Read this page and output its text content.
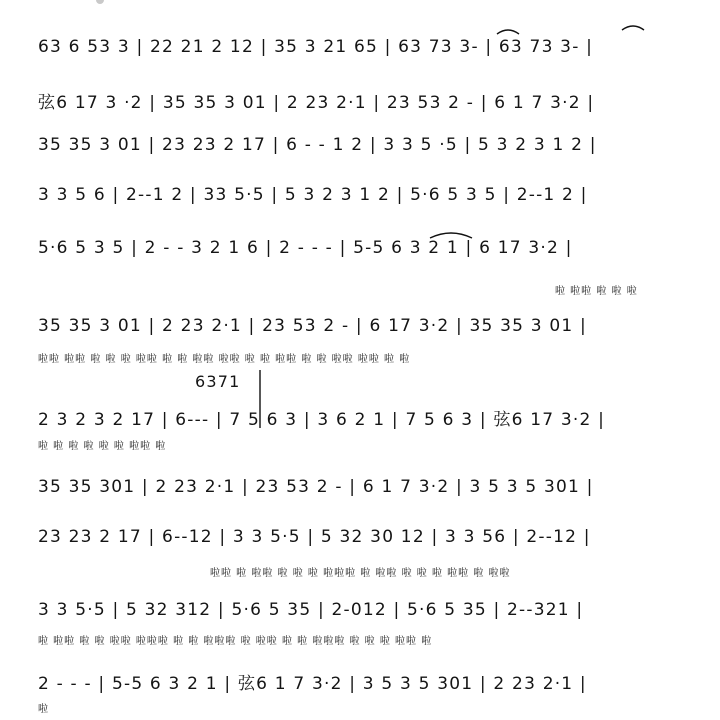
63 6 53 3 | 22 21 2 12 | 35 3 21 65 | 63 73 3- | 63 73 3- |
弦6 17 3 ·2 | 35 35 3 01 | 2 23 2·1 | 23 53 2 - | 6 1 7 3·2 |
35 35 3 01 | 23 23 2 17 | 6 - - 1 2 | 3 3 5 ·5 | 5 3 2 3 1 2 |
3 3 5 6 | 2--1 2 | 33 5·5 | 5 3 2 3 1 2 | 5·6 5 3 5 | 2--1 2 |
5·6 5 3 5 | 2 - - 3 2 1 6 | 2 - - - | 5-5 6 3 2 1 | 6 17 3·2 |
啦 啦啦 啦 啦 啦
35 35 3 01 | 2 23 2·1 | 23 53 2 - | 6 17 3·2 | 35 35 3 01 |
啦啦 啦啦 啦 啦 啦 啦啦 啦 啦 啦啦 啦啦 啦 啦 啦啦 啦 啦 啦啦 啦啦 啦 啦
6371
2 3 2 3 2 17 | 6--- | 7 5 6 3 | 3 6 2 1 | 7 5 6 3 | 弦6 17 3·2 |
啦 啦 啦 啦 啦 啦 啦啦 啦
35 35 301 | 2 23 2·1 | 23 53 2 - | 6 1 7 3·2 | 3 5 3 5 301 |
23 23 2 17 | 6--12 | 3 3 5·5 | 5 32 30 12 | 3 3 56 | 2--12 |
啦啦 啦 啦啦 啦 啦 啦 啦啦啦 啦 啦啦 啦 啦 啦 啦啦 啦 啦啦
3 3 5·5 | 5 32 312 | 5·6 5 35 | 2-012 | 5·6 5 35 | 2--321 |
啦 啦啦 啦 啦 啦啦 啦啦啦 啦 啦 啦啦啦 啦 啦啦 啦 啦 啦啦啦 啦 啦 啦 啦啦 啦
2 - - - | 5-5 6 3 2 1 | 弦6 1 7 3·2 | 3 5 3 5 301 | 2 23 2·1 |
啦
